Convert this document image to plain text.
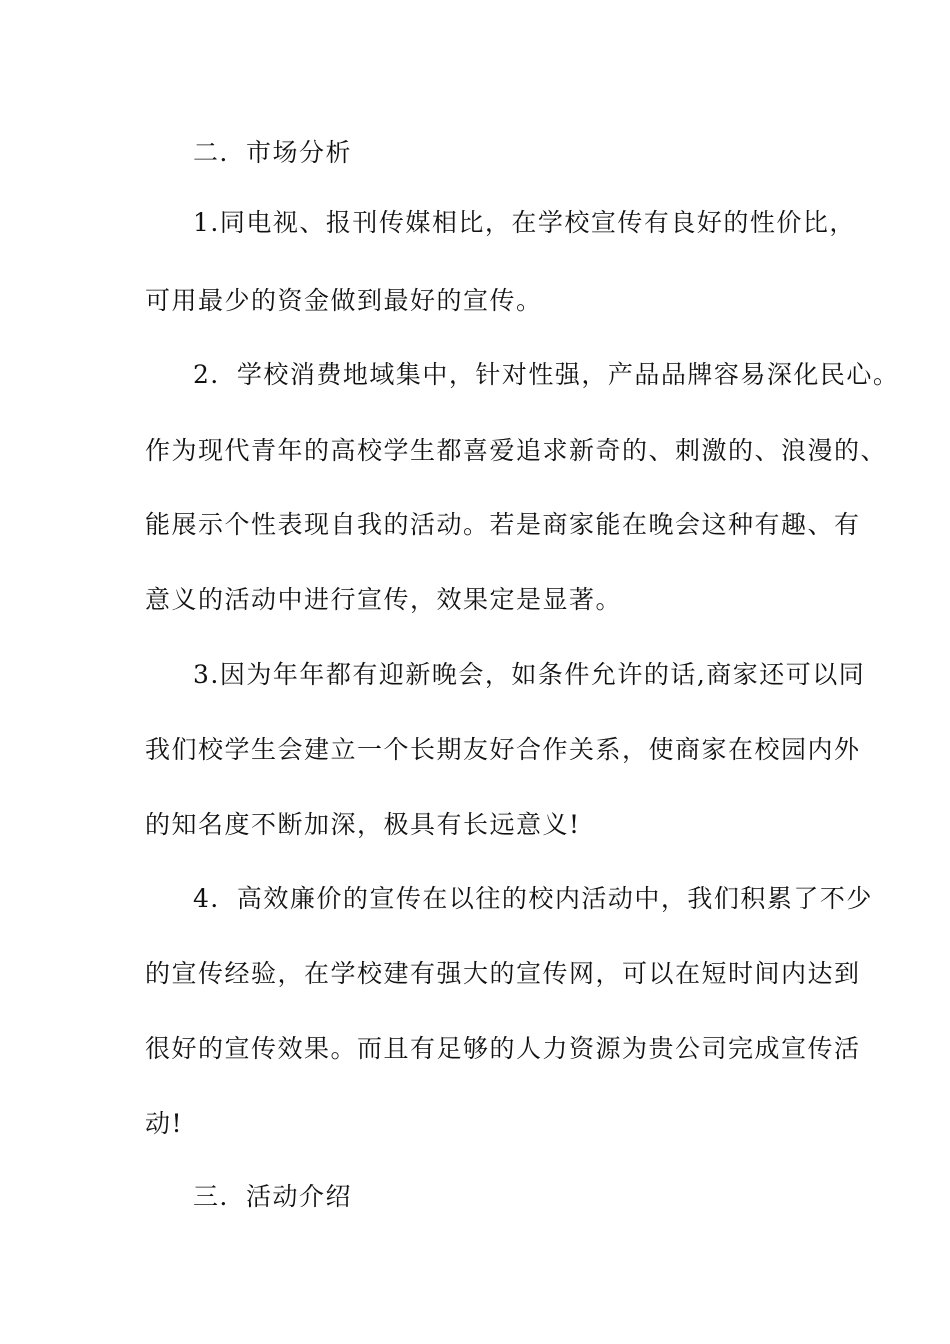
二．市场分析
1.同电视、报刊传媒相比，在学校宣传有良好的性价比，
可用最少的资金做到最好的宣传。
2．学校消费地域集中，针对性强，产品品牌容易深化民心。
作为现代青年的高校学生都喜爱追求新奇的、刺激的、浪漫的、
能展示个性表现自我的活动。若是商家能在晚会这种有趣、有
意义的活动中进行宣传，效果定是显著。
3.因为年年都有迎新晚会，如条件允许的话,商家还可以同
我们校学生会建立一个长期友好合作关系，使商家在校园内外
的知名度不断加深，极具有长远意义!
4．高效廉价的宣传在以往的校内活动中，我们积累了不少
的宣传经验，在学校建有强大的宣传网，可以在短时间内达到
很好的宣传效果。而且有足够的人力资源为贵公司完成宣传活
动!
三．活动介绍
